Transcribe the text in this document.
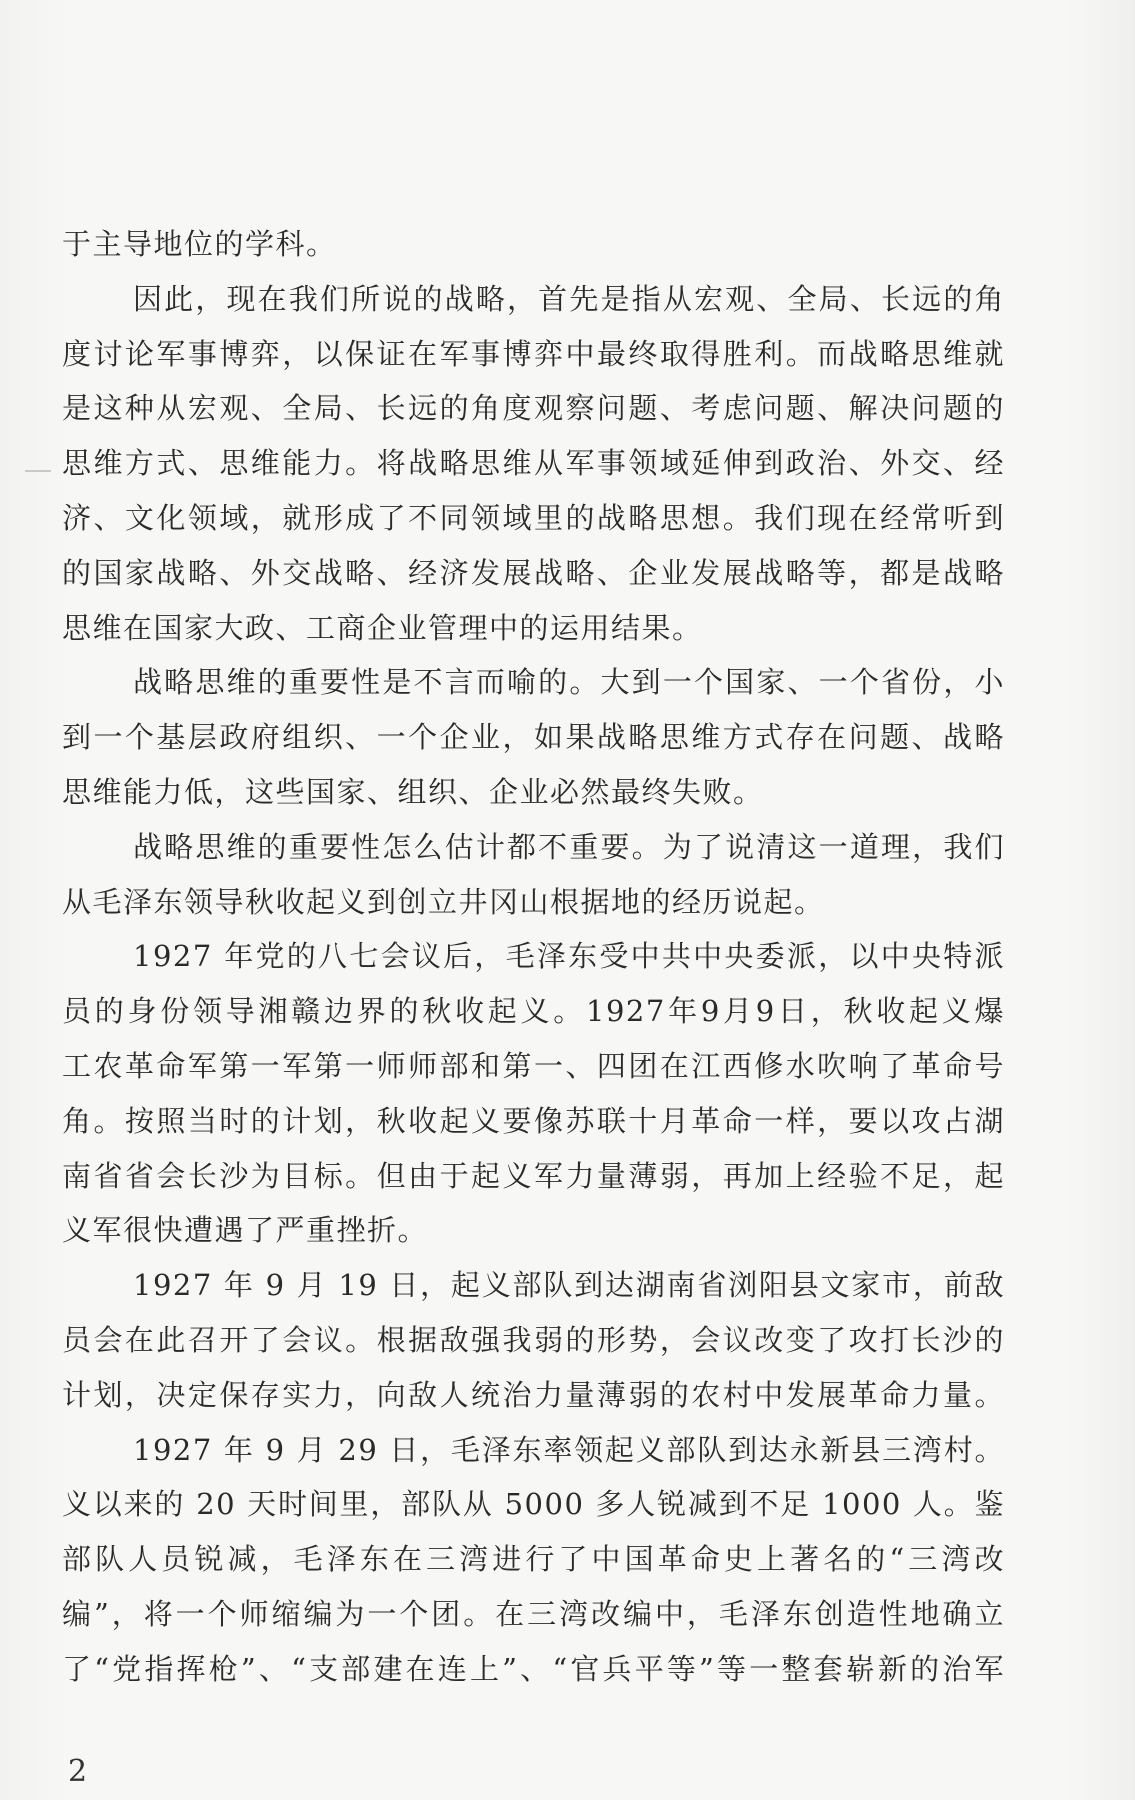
于主导地位的学科。
因此，现在我们所说的战略，首先是指从宏观、全局、长远的角
度讨论军事博弈，以保证在军事博弈中最终取得胜利。而战略思维就
是这种从宏观、全局、长远的角度观察问题、考虑问题、解决问题的
思维方式、思维能力。将战略思维从军事领域延伸到政治、外交、经
济、文化领域，就形成了不同领域里的战略思想。我们现在经常听到
的国家战略、外交战略、经济发展战略、企业发展战略等，都是战略
思维在国家大政、工商企业管理中的运用结果。
战略思维的重要性是不言而喻的。大到一个国家、一个省份，小
到一个基层政府组织、一个企业，如果战略思维方式存在问题、战略
思维能力低，这些国家、组织、企业必然最终失败。
战略思维的重要性怎么估计都不重要。为了说清这一道理，我们
从毛泽东领导秋收起义到创立井冈山根据地的经历说起。
1927 年党的八七会议后，毛泽东受中共中央委派，以中央特派
员的身份领导湘赣边界的秋收起义。1927年9月9日，秋收起义爆
工农革命军第一军第一师师部和第一、四团在江西修水吹响了革命号
角。按照当时的计划，秋收起义要像苏联十月革命一样，要以攻占湖
南省省会长沙为目标。但由于起义军力量薄弱，再加上经验不足，起
义军很快遭遇了严重挫折。
1927 年 9 月 19 日，起义部队到达湖南省浏阳县文家市，前敌
员会在此召开了会议。根据敌强我弱的形势，会议改变了攻打长沙的
计划，决定保存实力，向敌人统治力量薄弱的农村中发展革命力量。
1927 年 9 月 29 日，毛泽东率领起义部队到达永新县三湾村。
义以来的 20 天时间里，部队从 5000 多人锐减到不足 1000 人。鉴
部队人员锐减，毛泽东在三湾进行了中国革命史上著名的“三湾改
编”，将一个师缩编为一个团。在三湾改编中，毛泽东创造性地确立
了“党指挥枪”、“支部建在连上”、“官兵平等”等一整套崭新的治军
2
